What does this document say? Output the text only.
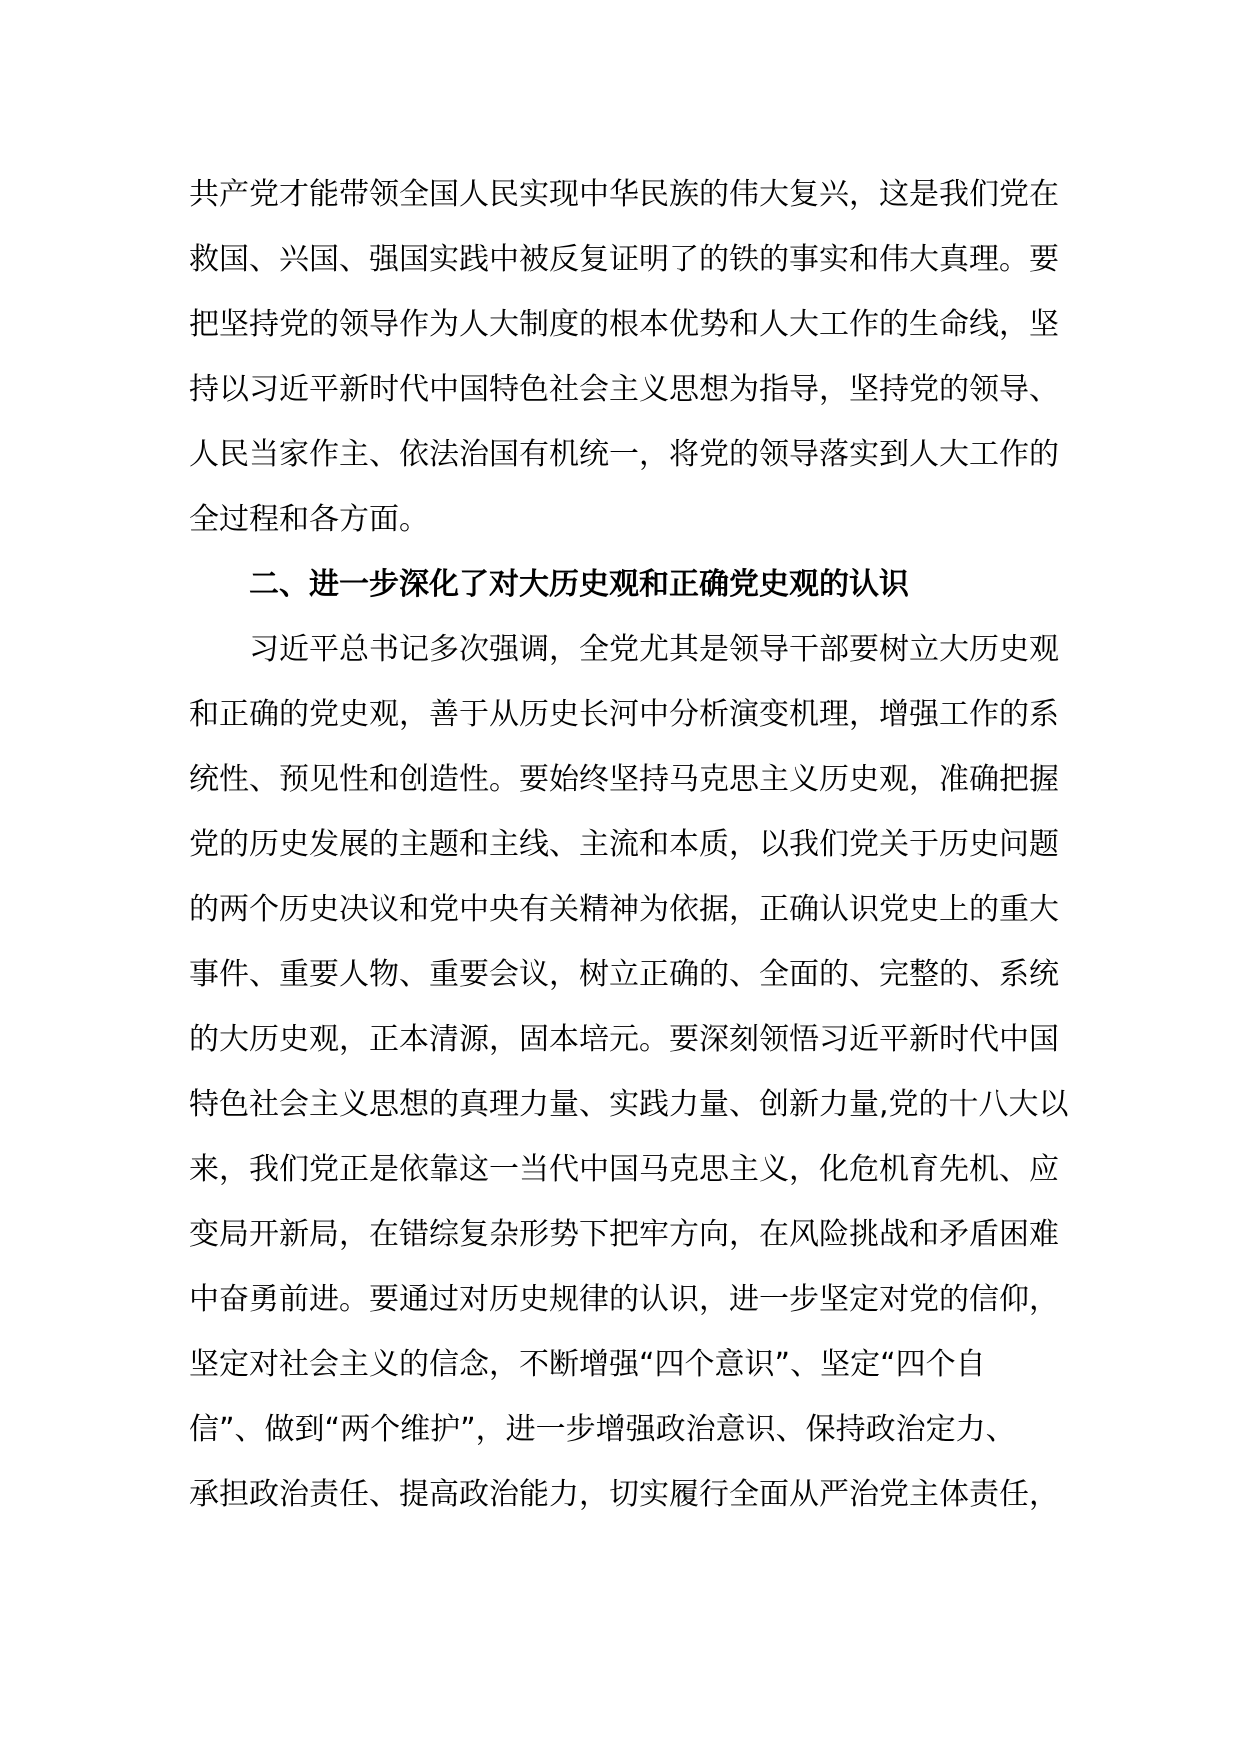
共产党才能带领全国人民实现中华民族的伟大复兴，这是我们党在
救国、兴国、强国实践中被反复证明了的铁的事实和伟大真理。要
把坚持党的领导作为人大制度的根本优势和人大工作的生命线，坚
持以习近平新时代中国特色社会主义思想为指导，坚持党的领导、
人民当家作主、依法治国有机统一，将党的领导落实到人大工作的
全过程和各方面。
二、进一步深化了对大历史观和正确党史观的认识
习近平总书记多次强调，全党尤其是领导干部要树立大历史观
和正确的党史观，善于从历史长河中分析演变机理，增强工作的系
统性、预见性和创造性。要始终坚持马克思主义历史观，准确把握
党的历史发展的主题和主线、主流和本质，以我们党关于历史问题
的两个历史决议和党中央有关精神为依据，正确认识党史上的重大
事件、重要人物、重要会议，树立正确的、全面的、完整的、系统
的大历史观，正本清源，固本培元。要深刻领悟习近平新时代中国
特色社会主义思想的真理力量、实践力量、创新力量,党的十八大以
来，我们党正是依靠这一当代中国马克思主义，化危机育先机、应
变局开新局，在错综复杂形势下把牢方向，在风险挑战和矛盾困难
中奋勇前进。要通过对历史规律的认识，进一步坚定对党的信仰，
坚定对社会主义的信念，不断增强“四个意识”、坚定“四个自
信”、做到“两个维护”，进一步增强政治意识、保持政治定力、
承担政治责任、提高政治能力，切实履行全面从严治党主体责任，
